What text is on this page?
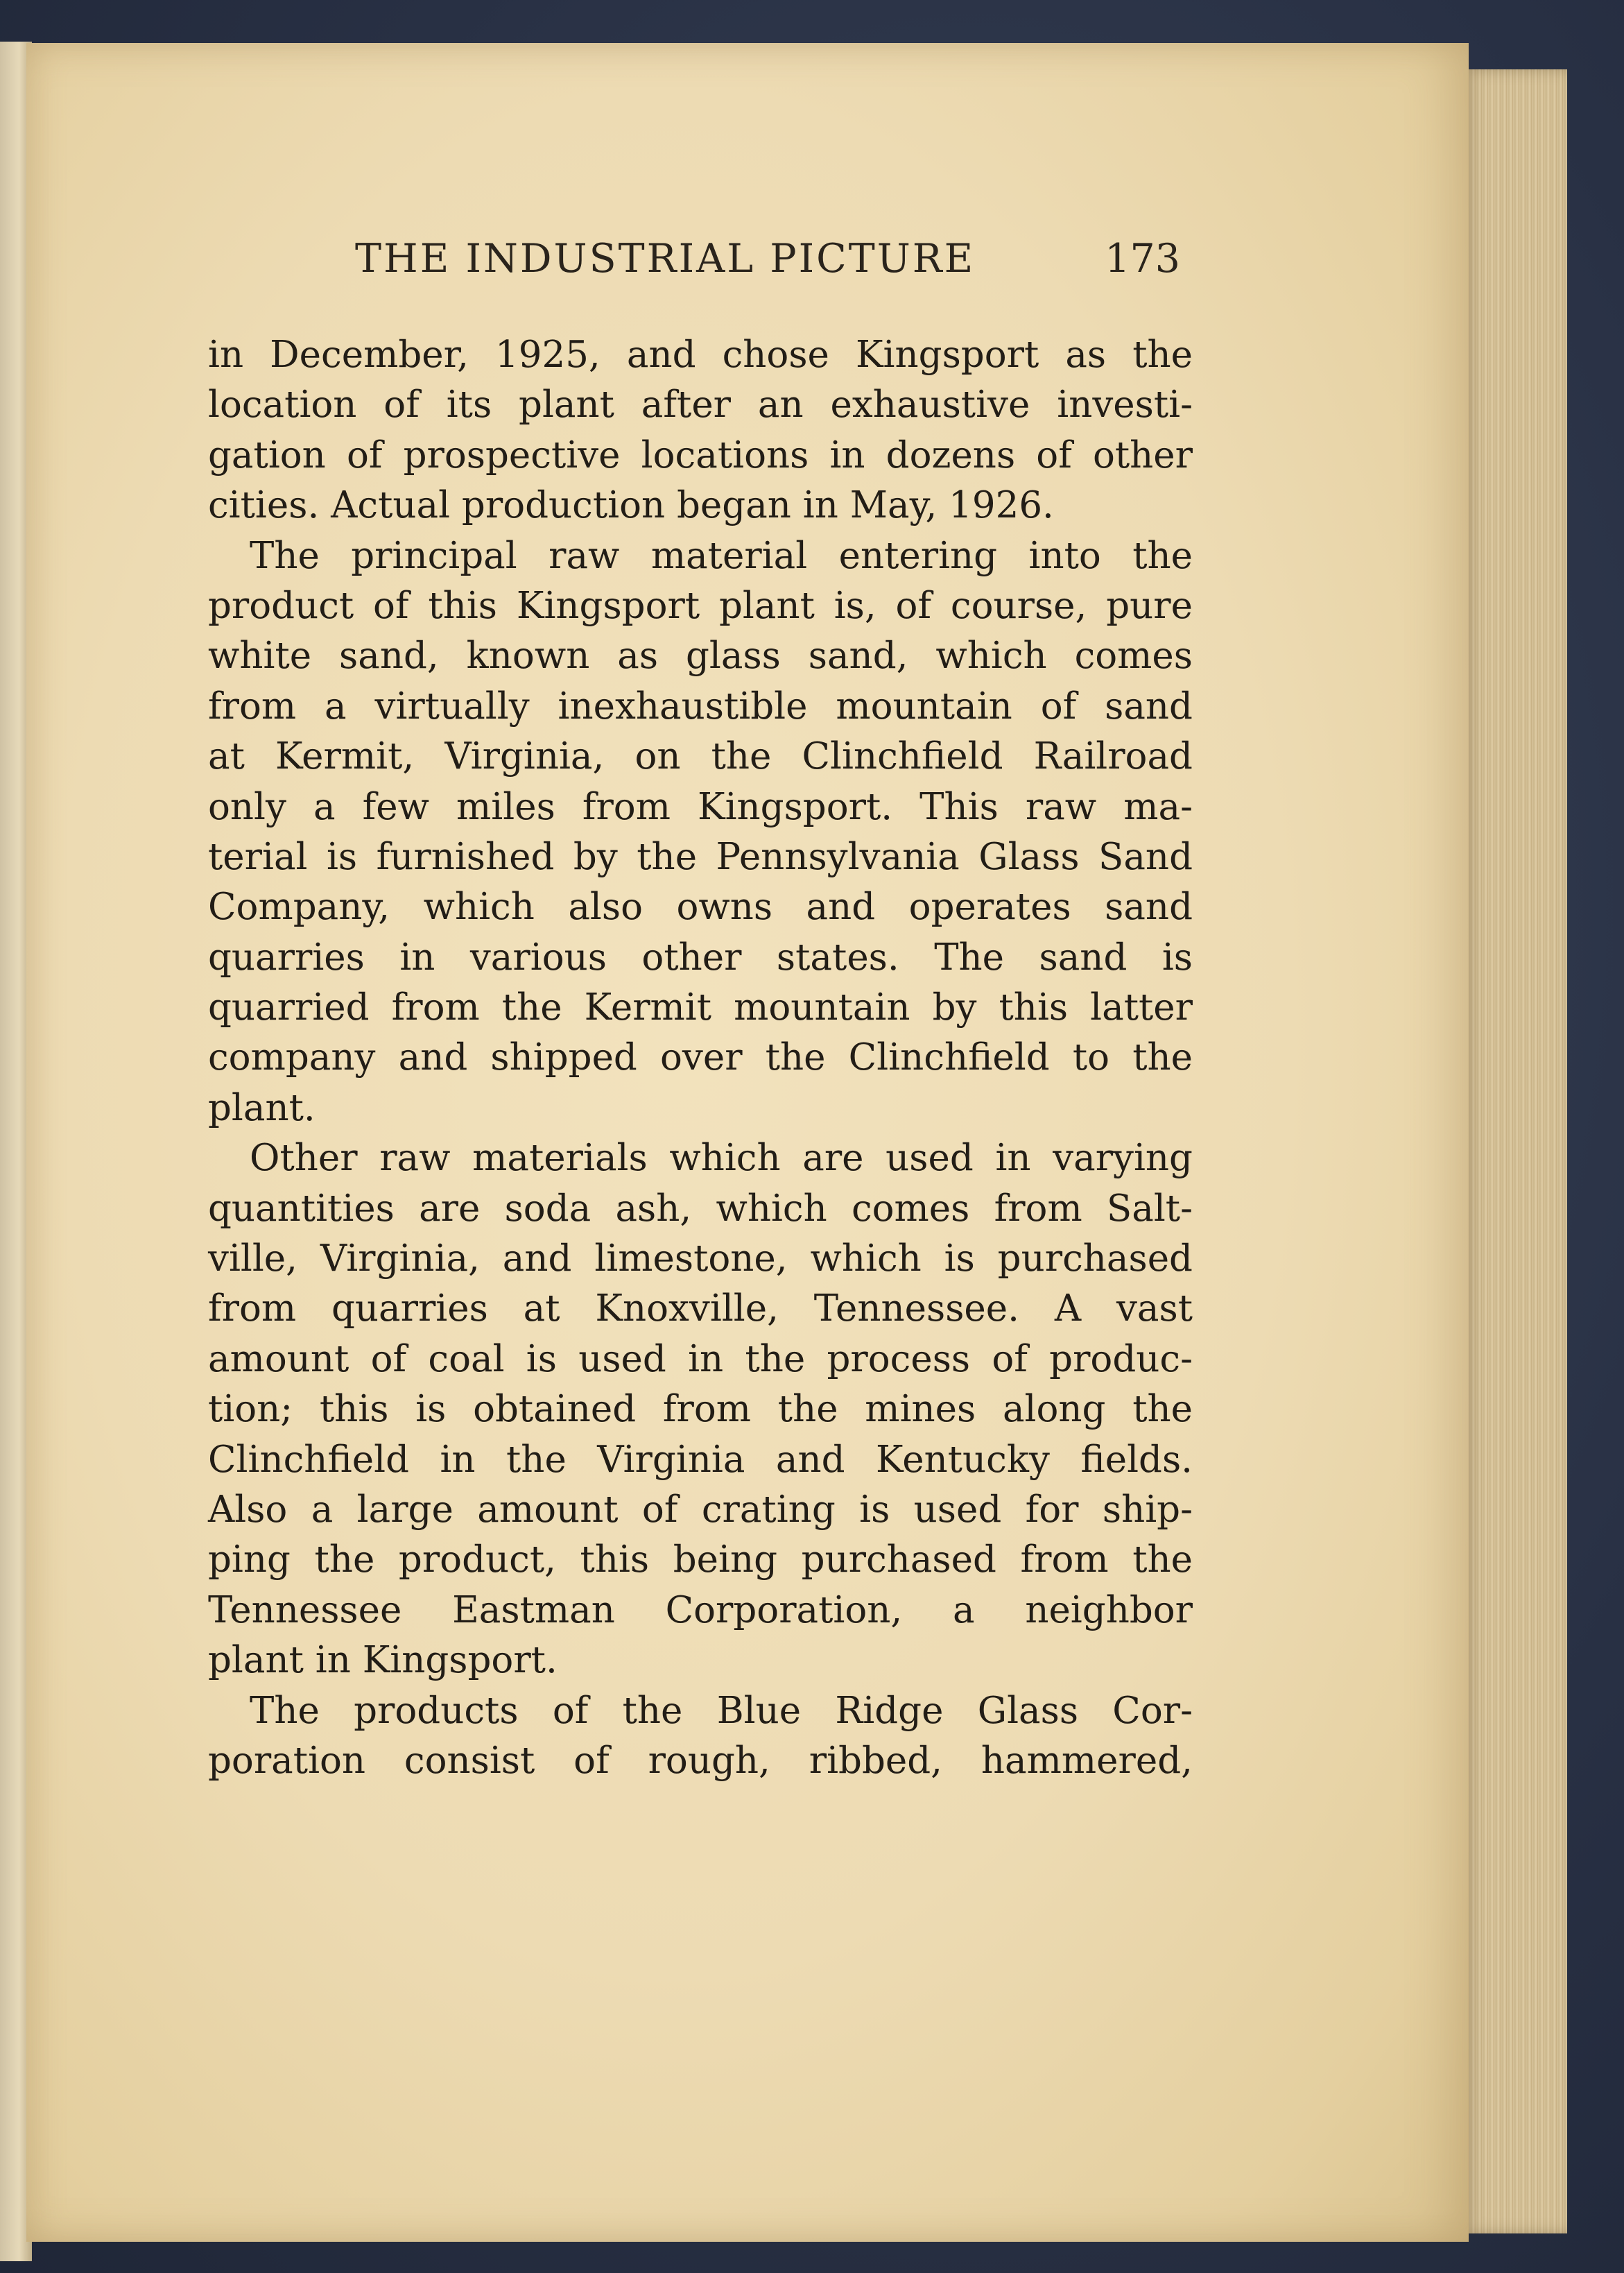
THE INDUSTRIAL PICTURE	173
in December, 1925, and chose Kingsport as the
location of its plant after an exhaustive investi-
gation of prospective locations in dozens of other
cities. Actual production began in May, 1926.
The principal raw material entering into the
product of this Kingsport plant is, of course, pure
white sand, known as glass sand, which comes
from a virtually inexhaustible mountain of sand
at Kermit, Virginia, on the Clinchfield Railroad
only a few miles from Kingsport. This raw ma-
terial is furnished by the Pennsylvania Glass Sand
Company, which also owns and operates sand
quarries in various other states. The sand is
quarried from the Kermit mountain by this latter
company and shipped over the Clinchfield to the
plant.
Other raw materials which are used in varying
quantities are soda ash, which comes from Salt-
ville, Virginia, and limestone, which is purchased
from quarries at Knoxville, Tennessee. A vast
amount of coal is used in the process of produc-
tion; this is obtained from the mines along the
Clinchfield in the Virginia and Kentucky fields.
Also a large amount of crating is used for ship-
ping the product, this being purchased from the
Tennessee Eastman Corporation, a neighbor
plant in Kingsport.
The products of the Blue Ridge Glass Cor-
poration consist of rough, ribbed, hammered,
